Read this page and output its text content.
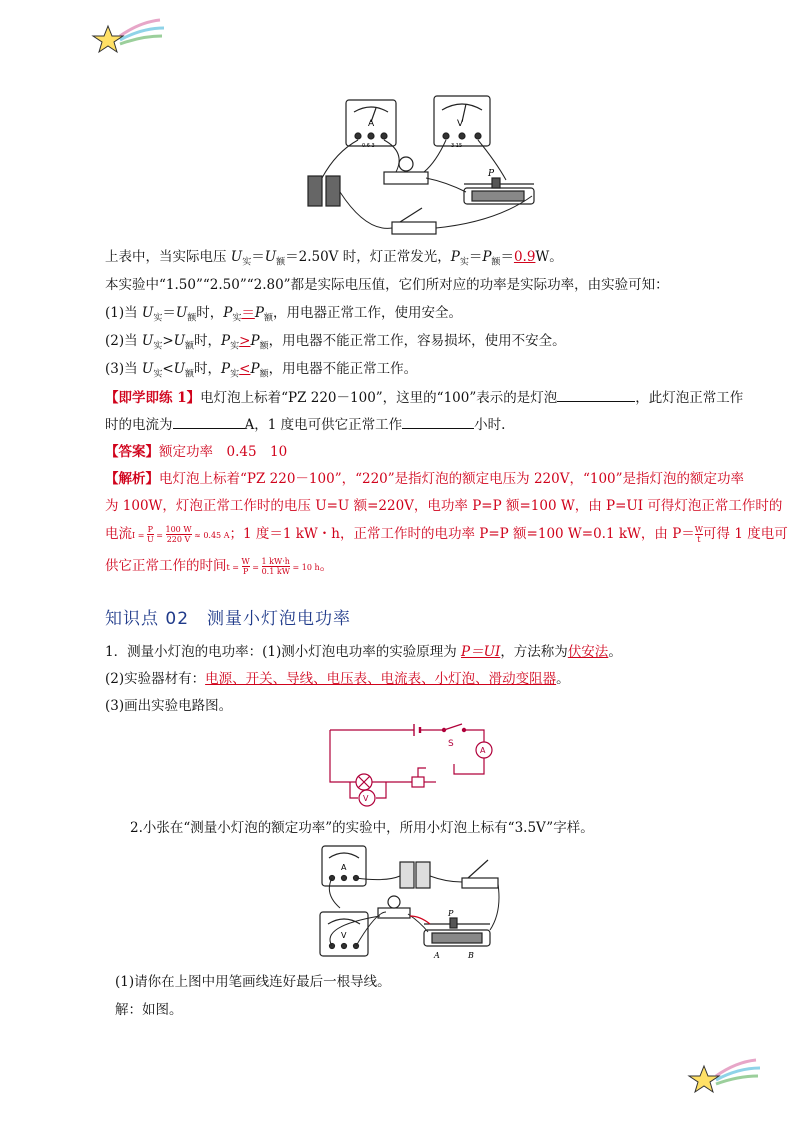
A
0.6 3
V
3 15
P
上表中，当实际电压 $U_实=U_额=2.50V$ 时，灯正常发光，$P_实=P_额=0.9W$。
本实验中“1.50”“2.50”“2.80”都是实际电压值，它们所对应的功率是实际功率，由实验可知：
(1)当 $U_实=U_额$时，$P_实=P_额$，用电器正常工作，使用安全。
(2)当 $U_实>U_额$时，$P_实>P_额$，用电器不能正常工作，容易损坏，使用不安全。
(3)当 $U_实<U_额$时，$P_实<P_额$，用电器不能正常工作。
【即学即练 1】电灯泡上标着“PZ 220－100”，这里的“100”表示的是灯泡	，此灯泡正常工作
时的电流为	A，1 度电可供它正常工作	小时.
【答案】额定功率　0.45　10
【解析】电灯泡上标着“PZ 220－100”，“220”是指灯泡的额定电压为 220V，“100”是指灯泡的额定功率
为 100W，灯泡正常工作时的电压 U=U 额=220V，电功率 P=P 额=100 W，由 P=UI 可得灯泡正常工作时的
电流$I = \frac{P}{U} = \frac{100 W}{220 V} \approx 0.45$ A；1 度＝1 kW・h，正常工作时的电功率 P=P 额=100 W=0.1 kW，由 $P= \frac{W}{t}$ 可得 1 度电可
供它正常工作的时间$t = \frac{W}{P} = \frac{1 kW\cdot h}{0.1 kW} = 10$ h。
知识点 02　测量小灯泡电功率
1．测量小灯泡的电功率：(1)测小灯泡电功率的实验原理为 P＝UI，方法称为伏安法。
(2)实验器材有：电源、开关、导线、电压表、电流表、小灯泡、滑动变阻器。
(3)画出实验电路图。
S
A
V
2.小张在“测量小灯泡的额定功率”的实验中，所用小灯泡上标有“3.5V”字样。
A
V
P
A	B
(1)请你在上图中用笔画线连好最后一根导线。
解：如图。
